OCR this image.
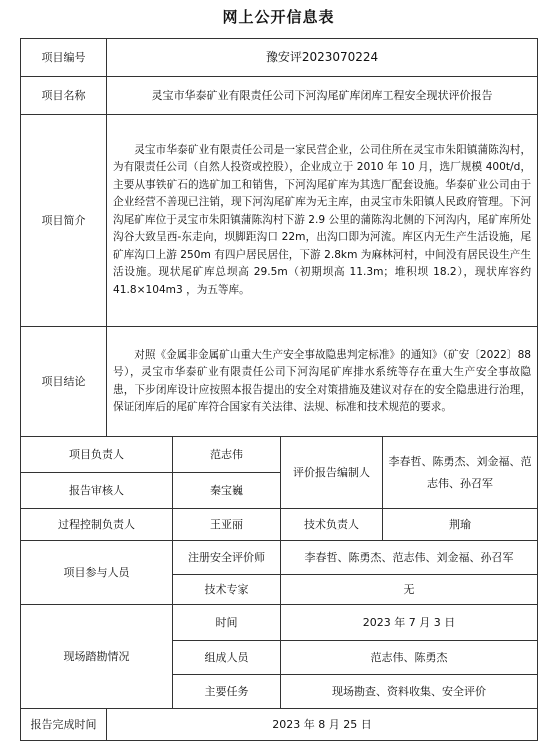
网上公开信息表
项目编号	豫安评2023070224			
项目名称	灵宝市华泰矿业有限责任公司下河沟尾矿库闭库工程安全现状评价报告			
项目简介	灵宝市华泰矿业有限责任公司是一家民营企业，公司住所在灵宝市朱阳镇蒲陈沟村，为有限责任公司（自然人投资或控股），企业成立于 2010 年 10 月，选厂规模 400t/d，主要从事铁矿石的选矿加工和销售，下河沟尾矿库为其选厂配套设施。华泰矿业公司由于企业经营不善现已注销，现下河沟尾矿库为无主库，由灵宝市朱阳镇人民政府管理。下河沟尾矿库位于灵宝市朱阳镇蒲陈沟村下游 2.9 公里的蒲陈沟北侧的下河沟内，尾矿库所处沟谷大致呈西-东走向，坝脚距沟口 22m，出沟口即为河流。库区内无生产生活设施，尾矿库沟口上游 250m 有四户居民居住，下游 2.8km 为麻林河村，中间没有居民设生产生活设施。现状尾矿库总坝高 29.5m（初期坝高 11.3m；堆积坝 18.2），现状库容约 41.8×104m3 ，为五等库。			
项目结论	对照《金属非金属矿山重大生产安全事故隐患判定标准》的通知》（矿安〔2022〕88 号），灵宝市华泰矿业有限责任公司下河沟尾矿库排水系统等存在重大生产安全事故隐患，下步闭库设计应按照本报告提出的安全对策措施及建议对存在的安全隐患进行治理，保证闭库后的尾矿库符合国家有关法律、法规、标准和技术规范的要求。			
项目负责人		范志伟	评价报告编制人	李春哲、陈勇杰、刘金福、范志伟、孙召军
报告审核人		秦宝巍		
过程控制负责人		王亚丽	技术负责人	荆瑜
项目参与人员		注册安全评价师	李春哲、陈勇杰、范志伟、刘金福、孙召军	
		技术专家	无	
现场踏勘情况		时间	2023 年 7 月 3 日	
		组成人员	范志伟、陈勇杰	
		主要任务	现场勘查、资料收集、安全评价	
报告完成时间	2023 年 8 月 25 日			
